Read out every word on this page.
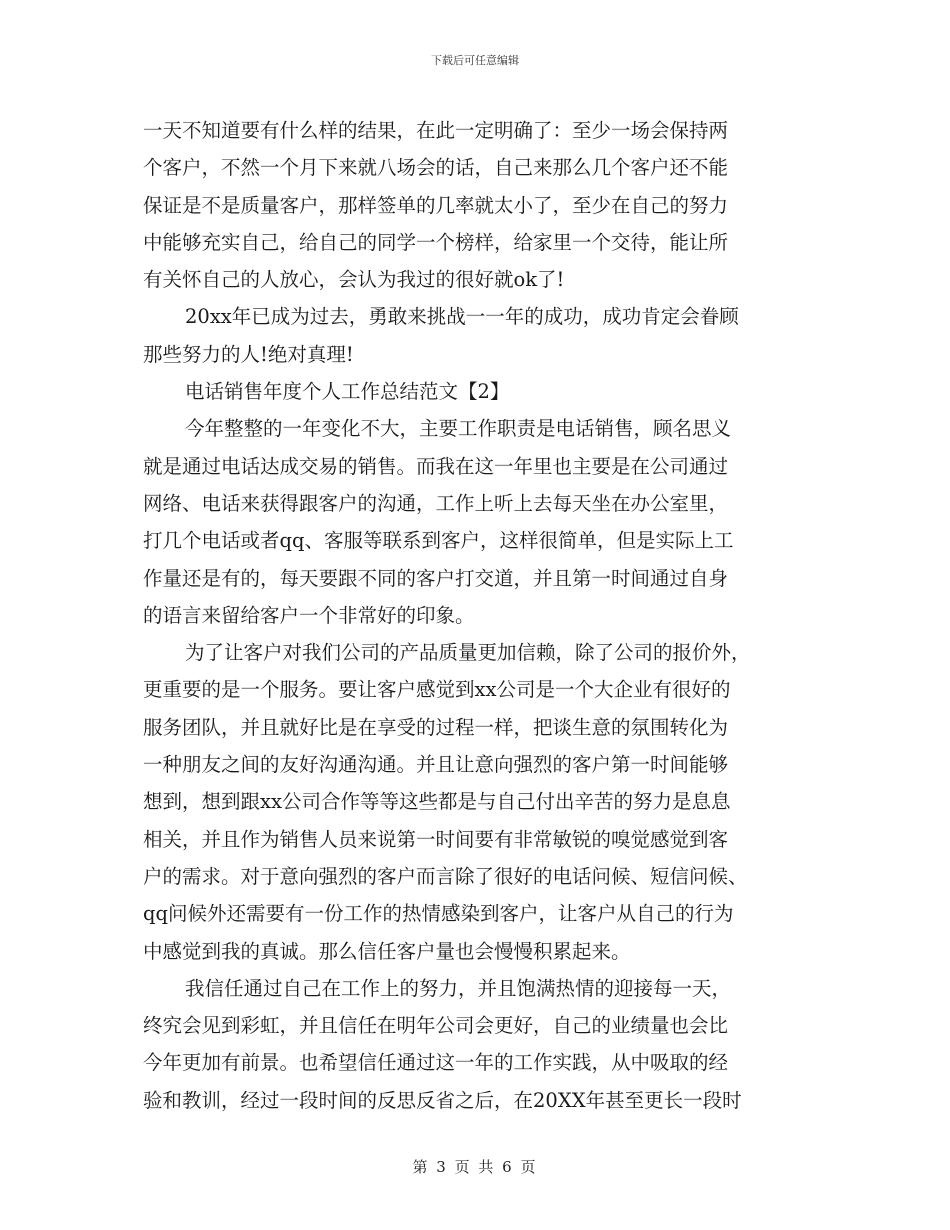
下载后可任意编辑
一天不知道要有什么样的结果，在此一定明确了：至少一场会保持两
个客户，不然一个月下来就八场会的话，自己来那么几个客户还不能
保证是不是质量客户，那样签单的几率就太小了，至少在自己的努力
中能够充实自己，给自己的同学一个榜样，给家里一个交待，能让所
有关怀自己的人放心，会认为我过的很好就ok了!
20xx年已成为过去，勇敢来挑战一一年的成功，成功肯定会眷顾
那些努力的人!绝对真理!
电话销售年度个人工作总结范文【2】
今年整整的一年变化不大，主要工作职责是电话销售，顾名思义
就是通过电话达成交易的销售。而我在这一年里也主要是在公司通过
网络、电话来获得跟客户的沟通，工作上听上去每天坐在办公室里，
打几个电话或者qq、客服等联系到客户，这样很简单，但是实际上工
作量还是有的，每天要跟不同的客户打交道，并且第一时间通过自身
的语言来留给客户一个非常好的印象。
为了让客户对我们公司的产品质量更加信赖，除了公司的报价外，
更重要的是一个服务。要让客户感觉到xx公司是一个大企业有很好的
服务团队，并且就好比是在享受的过程一样，把谈生意的氛围转化为
一种朋友之间的友好沟通沟通。并且让意向强烈的客户第一时间能够
想到，想到跟xx公司合作等等这些都是与自己付出辛苦的努力是息息
相关，并且作为销售人员来说第一时间要有非常敏锐的嗅觉感觉到客
户的需求。对于意向强烈的客户而言除了很好的电话问候、短信问候、
qq问候外还需要有一份工作的热情感染到客户，让客户从自己的行为
中感觉到我的真诚。那么信任客户量也会慢慢积累起来。
我信任通过自己在工作上的努力，并且饱满热情的迎接每一天，
终究会见到彩虹，并且信任在明年公司会更好，自己的业绩量也会比
今年更加有前景。也希望信任通过这一年的工作实践，从中吸取的经
验和教训，经过一段时间的反思反省之后，在20XX年甚至更长一段时
第 3 页 共 6 页
